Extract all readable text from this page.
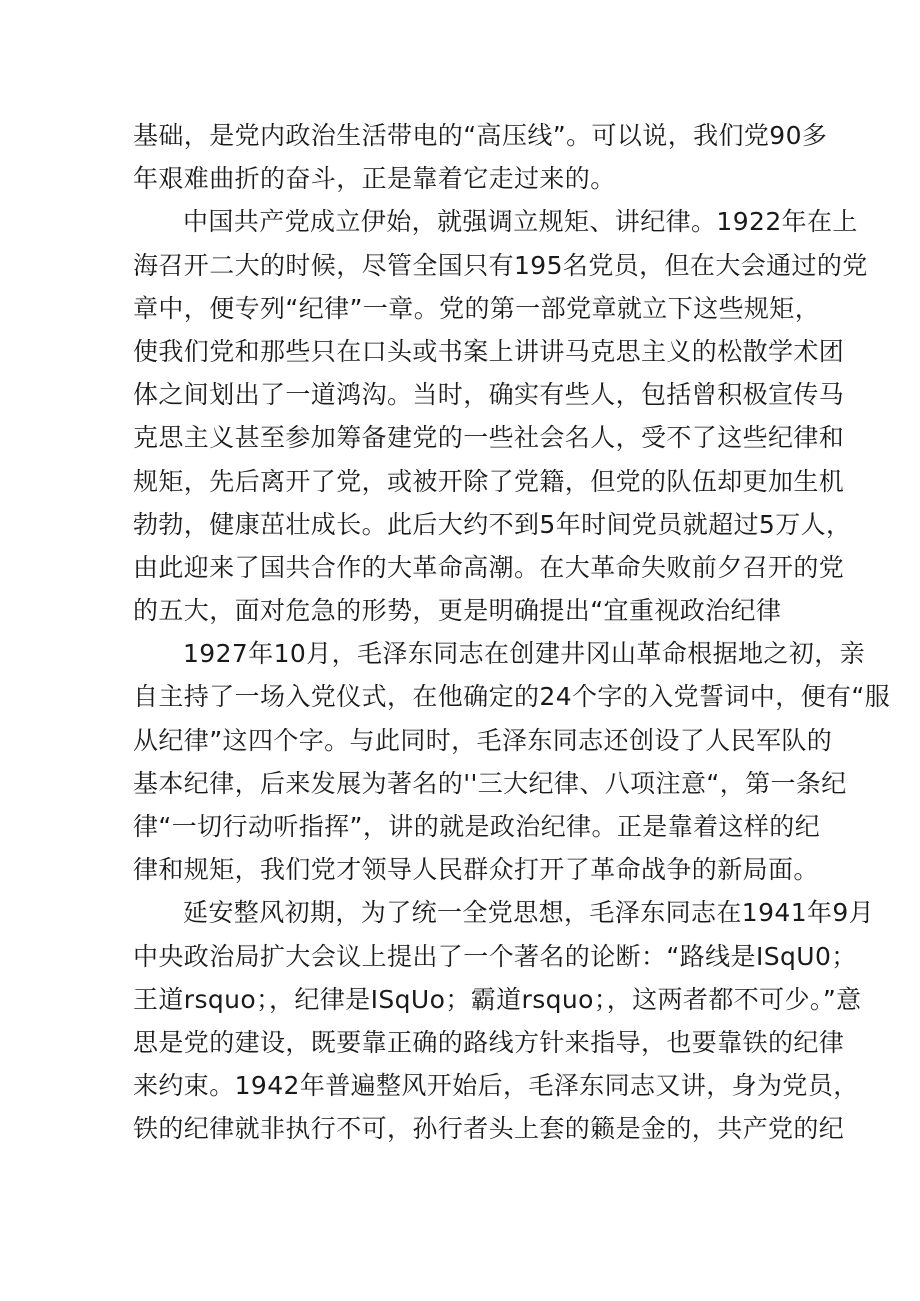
基础，是党内政治生活带电的“高压线”。可以说，我们党90多
年艰难曲折的奋斗，正是靠着它走过来的。
中国共产党成立伊始，就强调立规矩、讲纪律。1922年在上
海召开二大的时候，尽管全国只有195名党员，但在大会通过的党
章中，便专列“纪律”一章。党的第一部党章就立下这些规矩，
使我们党和那些只在口头或书案上讲讲马克思主义的松散学术团
体之间划出了一道鸿沟。当时，确实有些人，包括曾积极宣传马
克思主义甚至参加筹备建党的一些社会名人，受不了这些纪律和
规矩，先后离开了党，或被开除了党籍，但党的队伍却更加生机
勃勃，健康茁壮成长。此后大约不到5年时间党员就超过5万人，
由此迎来了国共合作的大革命高潮。在大革命失败前夕召开的党
的五大，面对危急的形势，更是明确提出“宜重视政治纪律
1927年10月，毛泽东同志在创建井冈山革命根据地之初，亲
自主持了一场入党仪式，在他确定的24个字的入党誓词中，便有“服
从纪律”这四个字。与此同时，毛泽东同志还创设了人民军队的
基本纪律，后来发展为著名的''三大纪律、八项注意“，第一条纪
律“一切行动听指挥”，讲的就是政治纪律。正是靠着这样的纪
律和规矩，我们党才领导人民群众打开了革命战争的新局面。
延安整风初期，为了统一全党思想，毛泽东同志在1941年9月
中央政治局扩大会议上提出了一个著名的论断：“路线是ISqU0；
王道rsquo；，纪律是ISqUo；霸道rsquo；，这两者都不可少。”意
思是党的建设，既要靠正确的路线方针来指导，也要靠铁的纪律
来约束。1942年普遍整风开始后，毛泽东同志又讲，身为党员，
铁的纪律就非执行不可，孙行者头上套的籁是金的，共产党的纪
